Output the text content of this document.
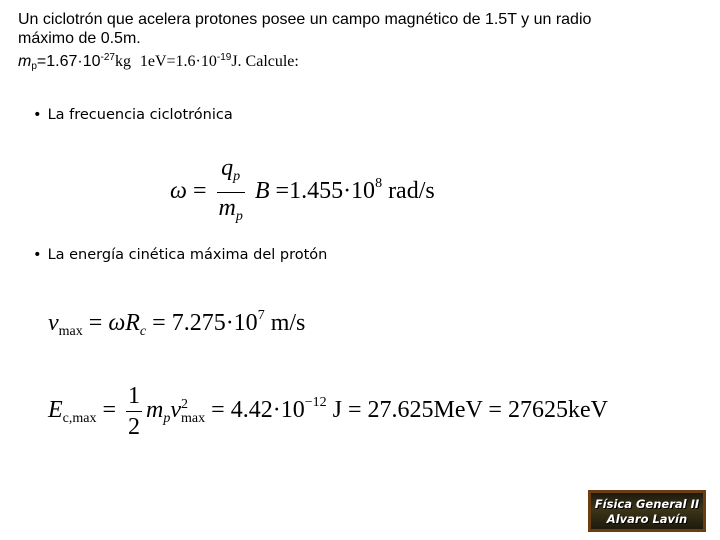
Un ciclotrón que acelera protones posee un campo magnético de 1.5T y un radio
máximo de 0.5m.
$m_p=1.67\cdot 10^{-27}kg$ $1eV=1.6\cdot 10^{-19}J$. Calcule:
• La frecuencia ciclotrónica
$\omega = \frac{q_p}{m_p}$ $B =1.455\cdot 10^8$ rad/s
• La energía cinética máxima del protón
$v_{max} = \omega R_c = 7.275\cdot 10^7$ m/s
$E_{c,max} = \frac{1}{2} m_pv$ 2
$\max = 4.42\cdot 10^{-12}$ J = 27.625MeV = 27625keV
Física General II
Alvaro Lavín
